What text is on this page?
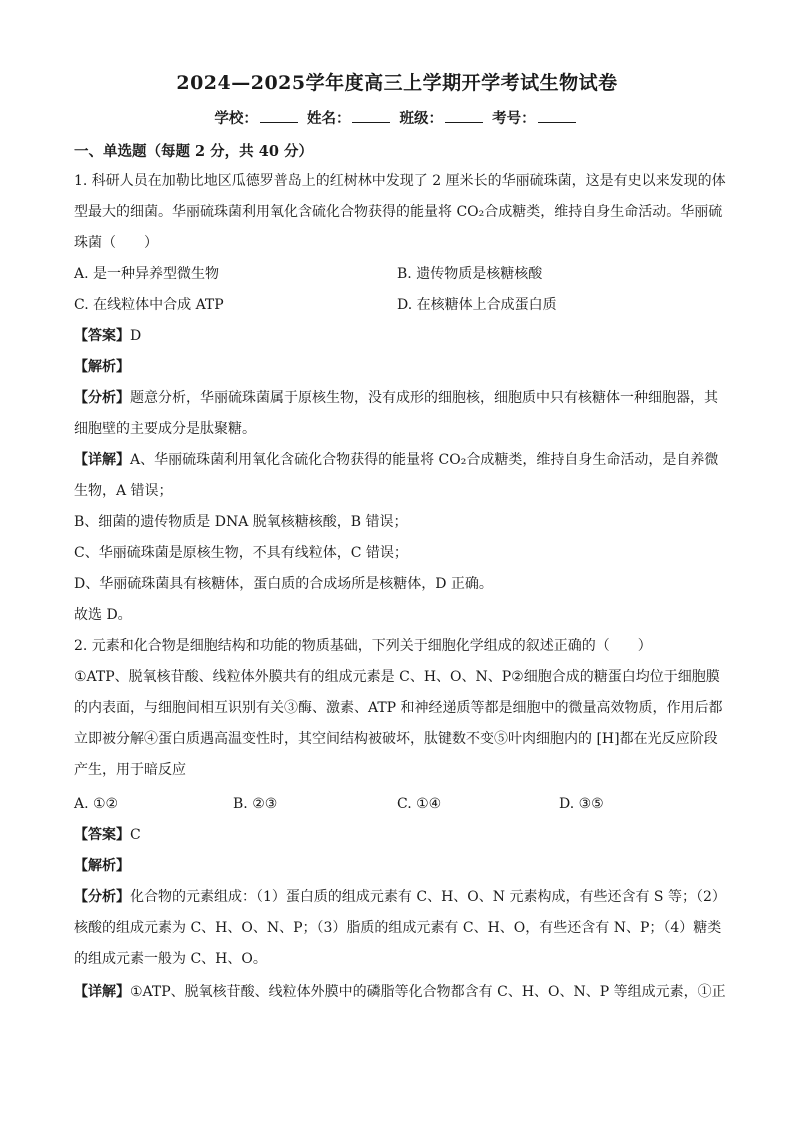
2024—2025学年度高三上学期开学考试生物试卷
学校：	姓名：	班级：	考号：
一、单选题（每题 2 分，共 40 分）
1. 科研人员在加勒比地区瓜德罗普岛上的红树林中发现了 2 厘米长的华丽硫珠菌，这是有史以来发现的体
型最大的细菌。华丽硫珠菌利用氧化含硫化合物获得的能量将 CO₂合成糖类，维持自身生命活动。华丽硫
珠菌（　　）
A. 是一种异养型微生物	B. 遗传物质是核糖核酸
C. 在线粒体中合成 ATP	D. 在核糖体上合成蛋白质
【答案】D
【解析】
【分析】题意分析，华丽硫珠菌属于原核生物，没有成形的细胞核，细胞质中只有核糖体一种细胞器，其
细胞壁的主要成分是肽聚糖。
【详解】A、华丽硫珠菌利用氧化含硫化合物获得的能量将 CO₂合成糖类，维持自身生命活动，是自养微
生物，A 错误；
B、细菌的遗传物质是 DNA 脱氧核糖核酸，B 错误；
C、华丽硫珠菌是原核生物，不具有线粒体，C 错误；
D、华丽硫珠菌具有核糖体，蛋白质的合成场所是核糖体，D 正确。
故选 D。
2. 元素和化合物是细胞结构和功能的物质基础，下列关于细胞化学组成的叙述正确的（　　）
①ATP、脱氧核苷酸、线粒体外膜共有的组成元素是 C、H、O、N、P②细胞合成的糖蛋白均位于细胞膜
的内表面，与细胞间相互识别有关③酶、激素、ATP 和神经递质等都是细胞中的微量高效物质，作用后都
立即被分解④蛋白质遇高温变性时，其空间结构被破坏，肽键数不变⑤叶肉细胞内的 [H]都在光反应阶段
产生，用于暗反应
A. ①②	B. ②③	C. ①④	D. ③⑤
【答案】C
【解析】
【分析】化合物的元素组成：（1）蛋白质的组成元素有 C、H、O、N 元素构成，有些还含有 S 等；（2）
核酸的组成元素为 C、H、O、N、P；（3）脂质的组成元素有 C、H、O，有些还含有 N、P；（4）糖类
的组成元素一般为 C、H、O。
【详解】①ATP、脱氧核苷酸、线粒体外膜中的磷脂等化合物都含有 C、H、O、N、P 等组成元素，①正
